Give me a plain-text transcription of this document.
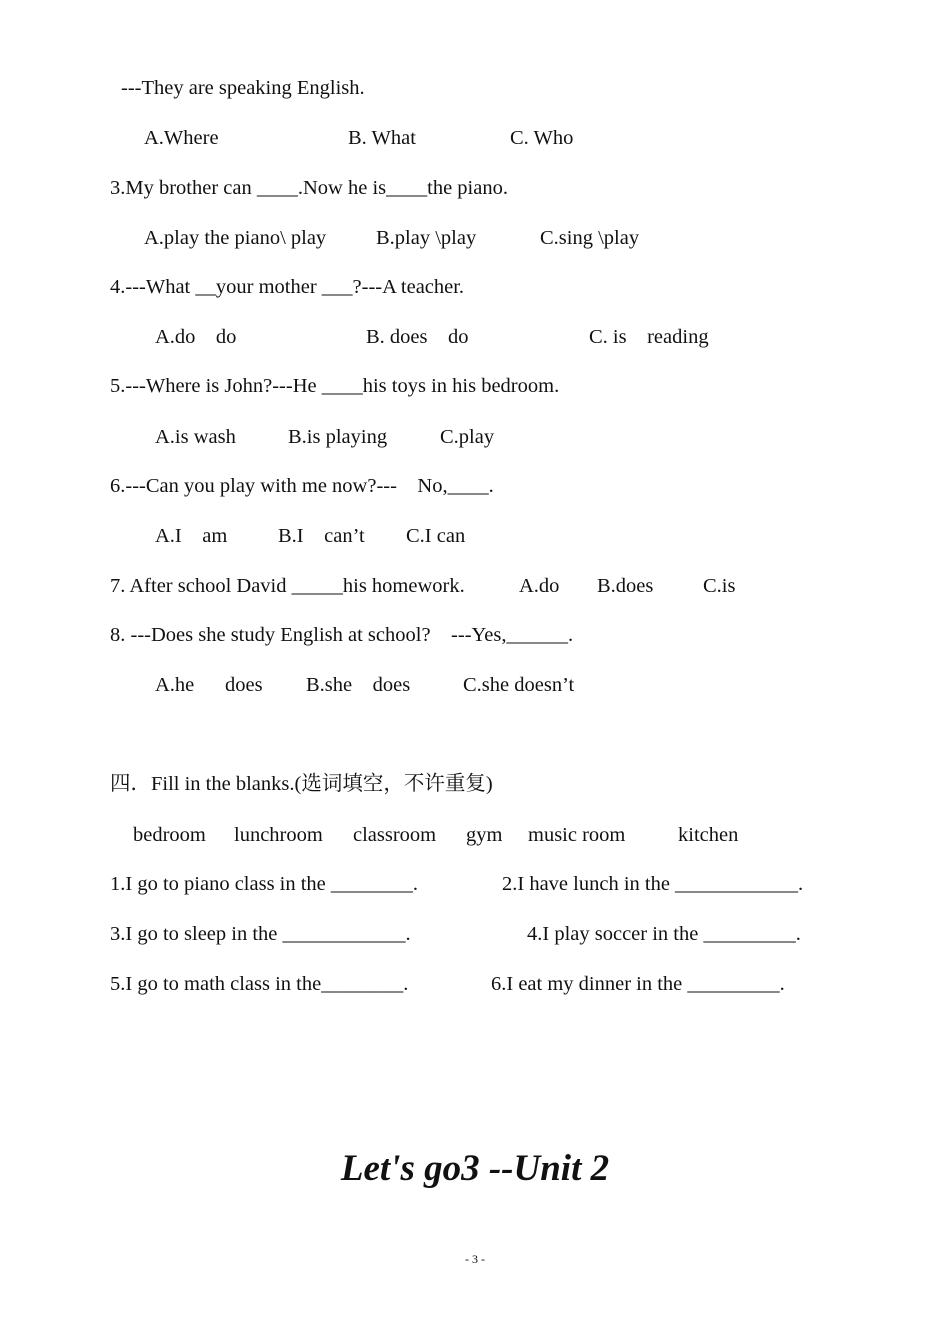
---They are speaking English.
A.Where	B. What	C. Who
3.My brother can ____.Now he is____the piano.
A.play the piano\ play B.play \play	C.sing \play
4.---What __your mother ___?---A teacher.
A.do    do	B. does    do	C. is    reading
5.---Where is John?---He ____his toys in his bedroom.
A.is wash	B.is playing	C.play
6.---Can you play with me now?---    No,____.
A.I    am B.I    can’t C.I can
7. After school David _____his homework.	A.do B.does C.is
8. ---Does she study English at school?    ---Yes,______.
A.he      does B.she    does	C.she doesn’t
四．Fill in the blanks.(选词填空，不许重复)
bedroom lunchroom classroom gym music room	kitchen
1.I go to piano class in the ________.	2.I have lunch in the ____________.
3.I go to sleep in the ____________.	4.I play soccer in the _________.
5.I go to math class in the________.	6.I eat my dinner in the _________.
Let's go3 --Unit 2
- 3 -
